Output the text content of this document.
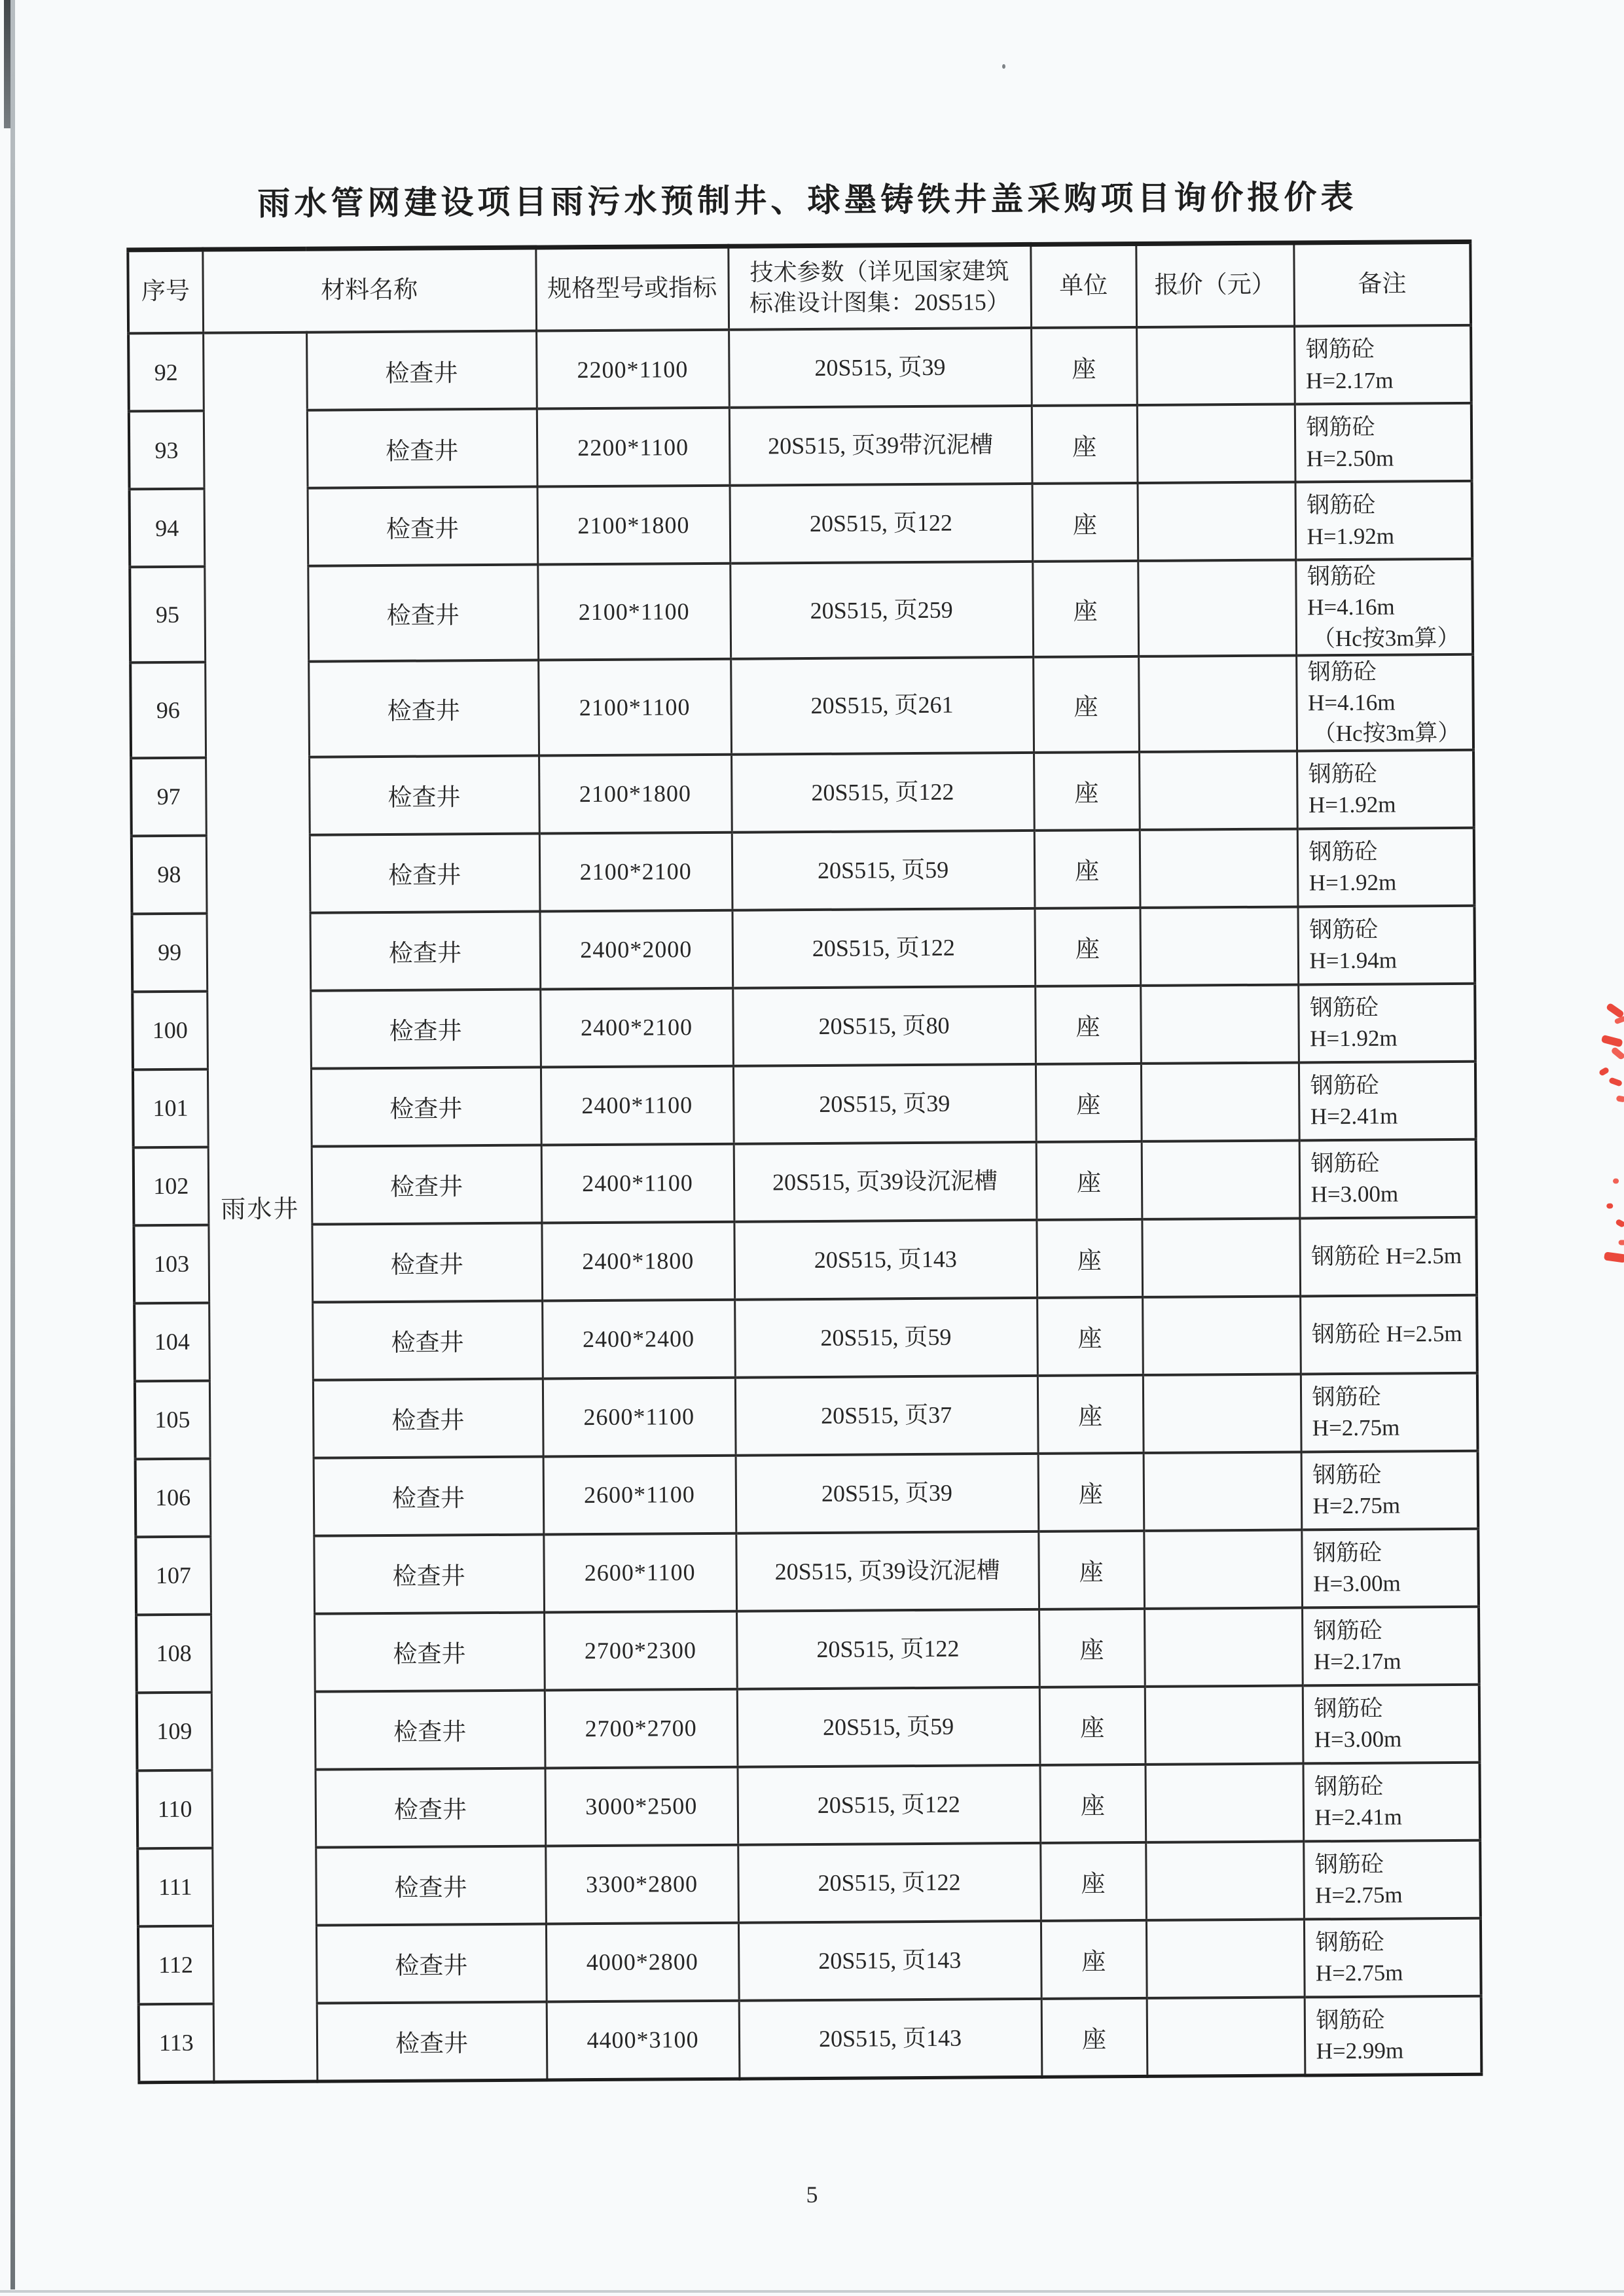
雨水管网建设项目雨污水预制井、球墨铸铁井盖采购项目询价报价表
序号	材料名称		规格型号或指标	技术参数（详见国家建筑标准设计图集：20S515）	单位	报价（元）	备注
92	雨水井	检查井	2200*1100	20S515, 页39	座		钢筋砼 H=2.17m

93		检查井	2200*1100	20S515, 页39带沉泥槽	座		钢筋砼 H=2.50m

94		检查井	2100*1800	20S515, 页122	座		钢筋砼 H=1.92m

95		检查井	2100*1100	20S515, 页259	座		钢筋砼 H=4.16m
（Hc按3m算）

96		检查井	2100*1100	20S515, 页261	座		钢筋砼 H=4.16m
（Hc按3m算）

97		检查井	2100*1800	20S515, 页122	座		钢筋砼 H=1.92m

98		检查井	2100*2100	20S515, 页59	座		钢筋砼 H=1.92m

99		检查井	2400*2000	20S515, 页122	座		钢筋砼 H=1.94m

100		检查井	2400*2100	20S515, 页80	座		钢筋砼 H=1.92m

101		检查井	2400*1100	20S515, 页39	座		钢筋砼 H=2.41m

102		检查井	2400*1100	20S515, 页39设沉泥槽	座		钢筋砼 H=3.00m

103		检查井	2400*1800	20S515, 页143	座		钢筋砼 H=2.5m

104		检查井	2400*2400	20S515, 页59	座		钢筋砼 H=2.5m

105		检查井	2600*1100	20S515, 页37	座		钢筋砼 H=2.75m

106		检查井	2600*1100	20S515, 页39	座		钢筋砼 H=2.75m

107		检查井	2600*1100	20S515, 页39设沉泥槽	座		钢筋砼 H=3.00m

108		检查井	2700*2300	20S515, 页122	座		钢筋砼 H=2.17m

109		检查井	2700*2700	20S515, 页59	座		钢筋砼 H=3.00m

110		检查井	3000*2500	20S515, 页122	座		钢筋砼 H=2.41m

111		检查井	3300*2800	20S515, 页122	座		钢筋砼 H=2.75m

112		检查井	4000*2800	20S515, 页143	座		钢筋砼 H=2.75m

113		检查井	4400*3100	20S515, 页143	座		钢筋砼 H=2.99m
5
